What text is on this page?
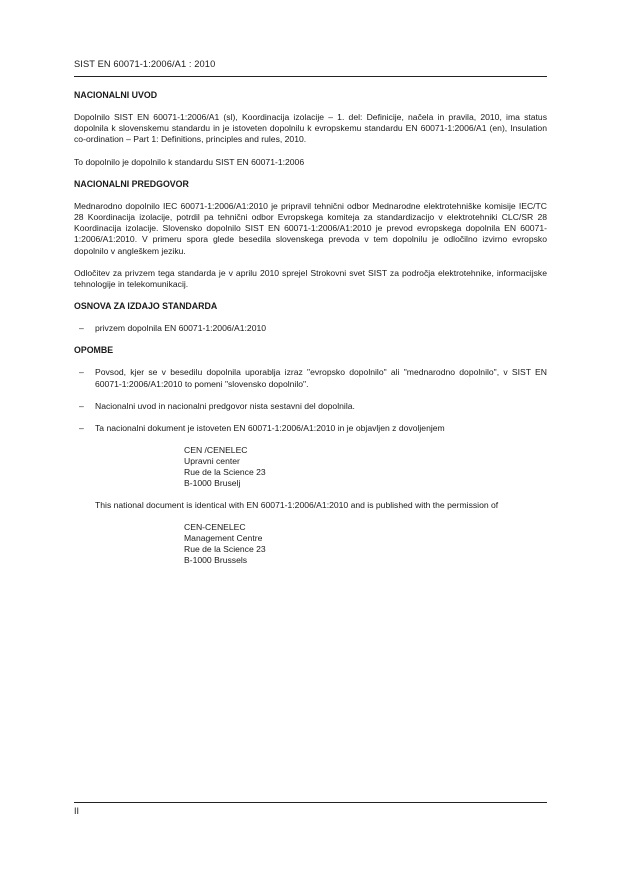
SIST EN 60071-1:2006/A1 : 2010
NACIONALNI UVOD

Dopolnilo SIST EN 60071-1:2006/A1 (sl), Koordinacija izolacije – 1. del: Definicije, načela in pravila, 2010, ima status dopolnila k slovenskemu standardu in je istoveten dopolnilu k evropskemu standardu EN 60071-1:2006/A1 (en), Insulation co-ordination – Part 1: Definitions, principles and rules, 2010.

To dopolnilo je dopolnilo k standardu SIST EN 60071-1:2006

NACIONALNI PREDGOVOR

Mednarodno dopolnilo IEC 60071-1:2006/A1:2010 je pripravil tehnični odbor Mednarodne elektrotehniške komisije IEC/TC 28 Koordinacija izolacije, potrdil pa tehnični odbor Evropskega komiteja za standardizacijo v elektrotehniki CLC/SR 28 Koordinacija izolacije. Slovensko dopolnilo SIST EN 60071-1:2006/A1:2010 je prevod evropskega dopolnila EN 60071-1:2006/A1:2010. V primeru spora glede besedila slovenskega prevoda v tem dopolnilu je odločilno izvirno evropsko dopolnilo v angleškem jeziku.

Odločitev za privzem tega standarda je v aprilu 2010 sprejel Strokovni svet SIST za področja elektrotehnike, informacijske tehnologije in telekomunikacij.

OSNOVA ZA IZDAJO STANDARDA
– privzem dopolnila EN 60071-1:2006/A1:2010
OPOMBE
– Povsod, kjer se v besedilu dopolnila uporablja izraz "evropsko dopolnilo" ali "mednarodno dopolnilo", v SIST EN 60071-1:2006/A1:2010 to pomeni "slovensko dopolnilo".
– Nacionalni uvod in nacionalni predgovor nista sestavni del dopolnila.
– Ta nacionalni dokument je istoveten EN 60071-1:2006/A1:2010 in je objavljen z dovoljenjem
CEN /CENELEC
Upravni center
Rue de la Science 23
B-1000 Bruselj

This national document is identical with EN 60071-1:2006/A1:2010 and is published with the permission of

CEN-CENELEC
Management Centre
Rue de la Science 23
B-1000 Brussels
II
